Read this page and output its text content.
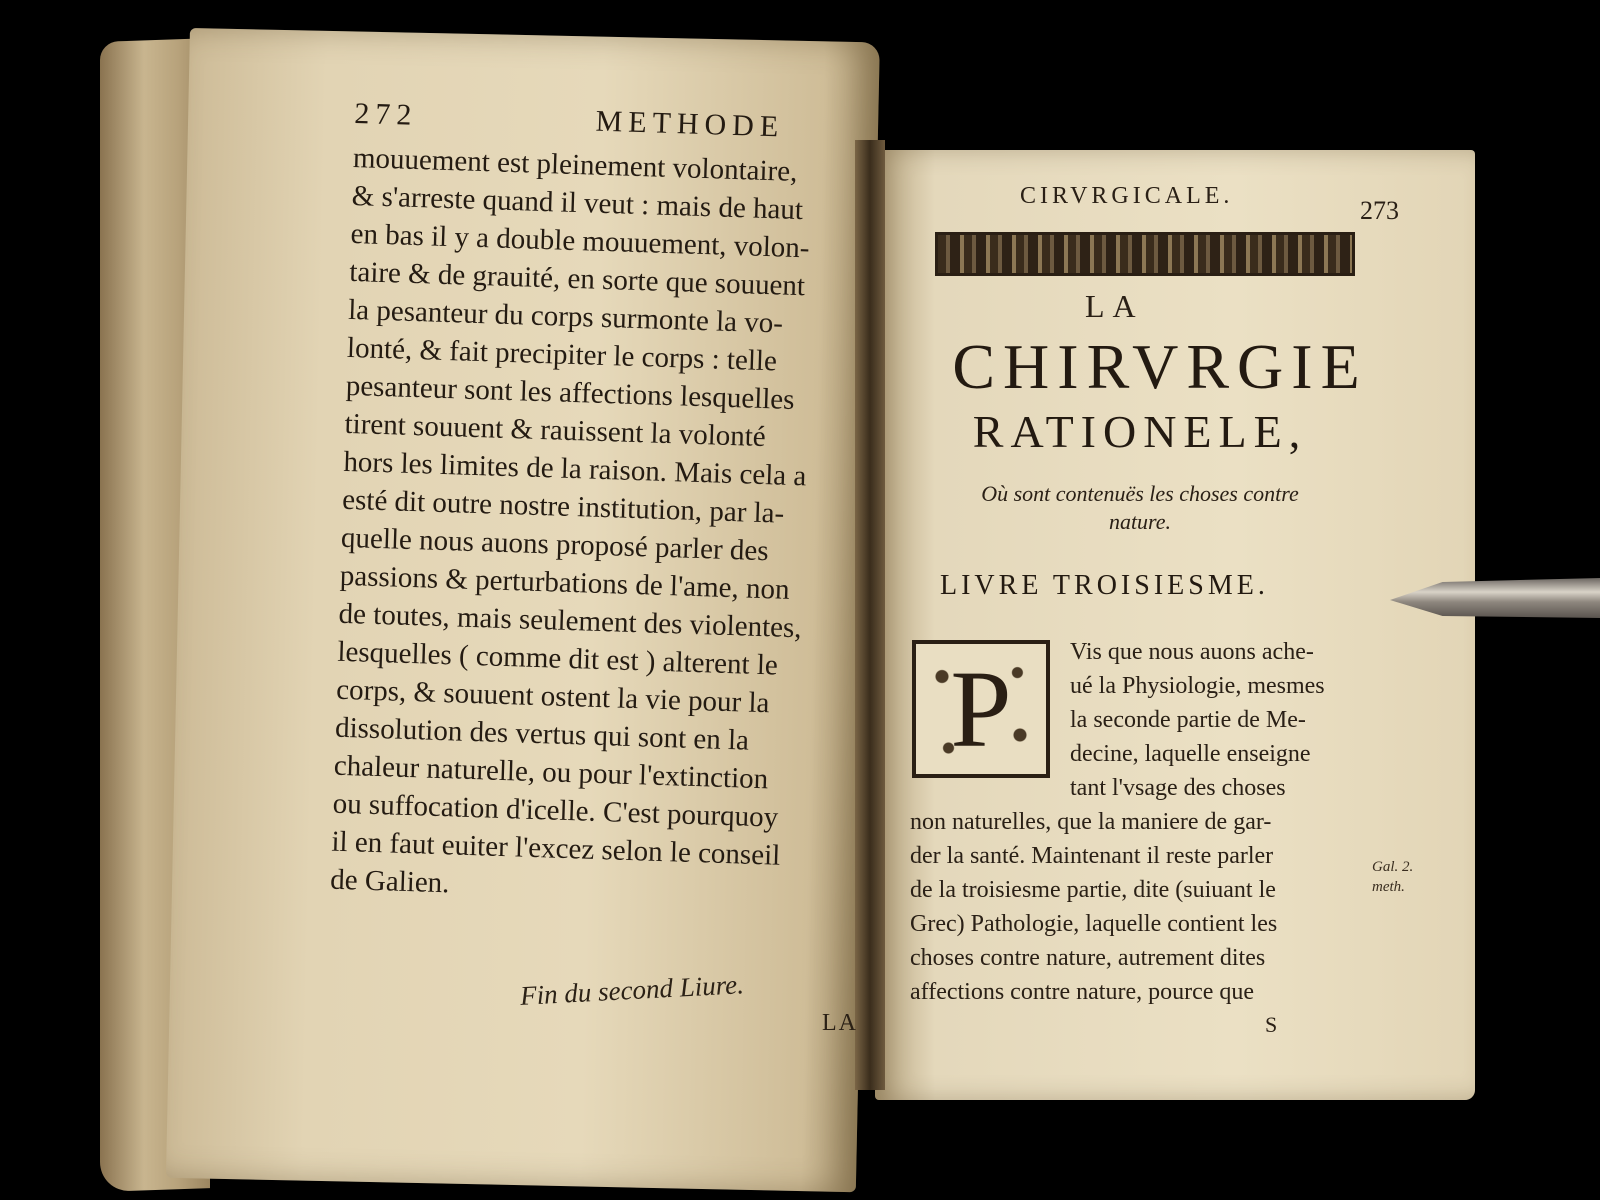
272	METHODE
mouuement est pleinement volontaire,
& s'arreste quand il veut : mais de haut
en bas il y a double mouuement, volon-
taire & de grauité, en sorte que souuent
la pesanteur du corps surmonte la vo-
lonté, & fait precipiter le corps : telle
pesanteur sont les affections lesquelles
tirent souuent & rauissent la volonté
hors les limites de la raison. Mais cela a
esté dit outre nostre institution, par la-
quelle nous auons proposé parler des
passions & perturbations de l'ame, non
de toutes, mais seulement des violentes,
lesquelles ( comme dit est ) alterent le
corps, & souuent ostent la vie pour la
dissolution des vertus qui sont en la
chaleur naturelle, ou pour l'extinction
ou suffocation d'icelle. C'est pourquoy
il en faut euiter l'excez selon le conseil
de Galien.
Fin du second Liure.
LA
CIRVRGICALE.	273
LA
CHIRVRGIE
RATIONELE,
Où sont contenuës les choses contre
nature.
LIVRE TROISIESME.
P	Vis que nous auons ache-
ué la Physiologie, mesmes
la seconde partie de Me-
decine, laquelle enseigne
tant l'vsage des choses
non naturelles, que la maniere de gar-
der la santé. Maintenant il reste parler
de la troisiesme partie, dite (suiuant le
Grec) Pathologie, laquelle contient les
choses contre nature, autrement dites
affections contre nature, pource que
S
Gal. 2.
meth.
